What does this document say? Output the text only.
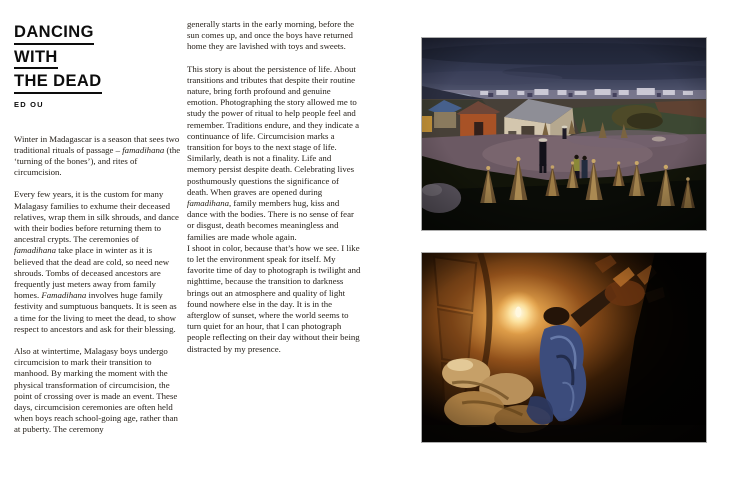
DANCING
WITH
THE DEAD
ED OU

Winter in Madagascar is a season that sees two traditional rituals of passage – famadihana (the ‘turning of the bones’), and rites of circumcision.

Every few years, it is the custom for many Malagasy families to exhume their deceased relatives, wrap them in silk shrouds, and dance with their bodies before returning them to ancestral crypts. The ceremonies of famadihana take place in winter as it is believed that the dead are cold, so need new shrouds. Tombs of deceased ancestors are frequently just meters away from family homes. Famadihana involves huge family festivity and sumptuous banquets. It is seen as a time for the living to meet the dead, to show respect to ancestors and ask for their blessing.

Also at wintertime, Malagasy boys undergo circumcision to mark their transition to manhood. By marking the moment with the physical transformation of circumcision, the point of crossing over is made an event. These days, circumcision ceremonies are often held when boys reach school-going age, rather than at puberty. The ceremony

generally starts in the early morning, before the sun comes up, and once the boys have returned home they are lavished with toys and sweets.

This story is about the persistence of life. About transitions and tributes that despite their routine nature, bring forth profound and genuine emotion. Photographing the story allowed me to study the power of ritual to help people feel and remember. Traditions endure, and they indicate a continuance of life. Circumcision marks a transition for boys to the next stage of life. Similarly, death is not a finality. Life and memory persist despite death. Celebrating lives posthumously questions the significance of death. When graves are opened during famadihana, family members hug, kiss and dance with the bodies. There is no sense of fear or disgust, death becomes meaningless and families are made whole again.

I shoot in color, because that’s how we see. I like to let the environment speak for itself. My favorite time of day to photograph is twilight and nighttime, because the transition to darkness brings out an atmosphere and quality of light found nowhere else in the day. It is in the afterglow of sunset, where the world seems to turn quiet for an hour, that I can photograph people reflecting on their day without their being distracted by my presence.
